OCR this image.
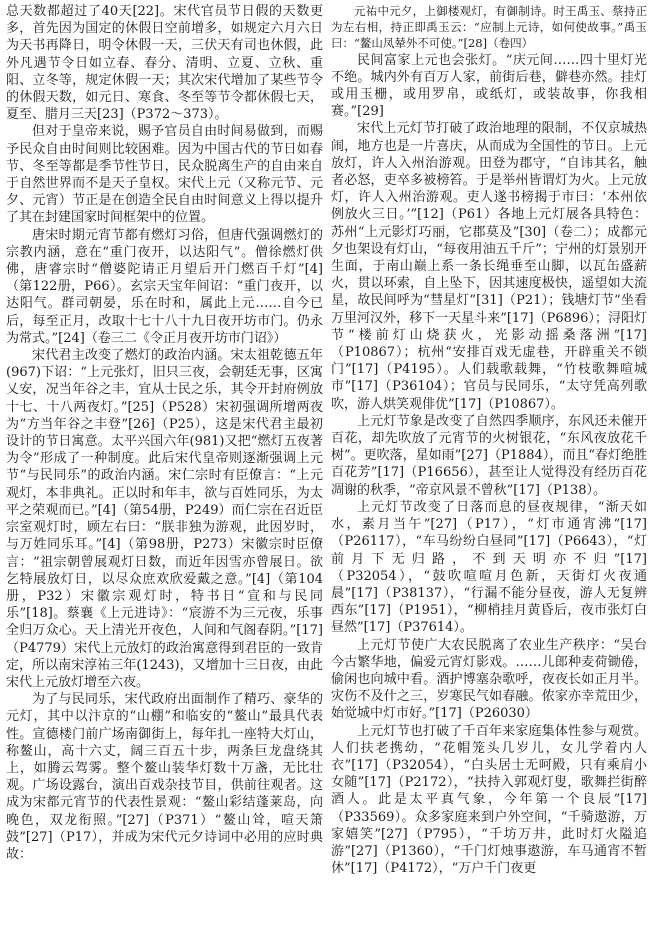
总天数都超过了40天[22]。宋代官员节日假的天数更多，首先因为国定的休假日空前增多，如规定六月六日为天书再降日，明令休假一天，三伏天有司也休假，此外凡遇节令日如立春、春分、清明、立夏、立秋、重阳、立冬等，规定休假一天；其次宋代增加了某些节令的休假天数，如元日、寒食、冬至等节令都休假七天，夏至、腊月三天[23]（P372～373）。

但对于皇帝来说，赐予官员自由时间易做到，而赐予民众自由时间则比较困难。因为中国古代的节日如春节、冬至等都是季节性节日，民众脱离生产的自由来自于自然世界而不是天子皇权。宋代上元（又称元节、元夕、元宵）节正是在创造全民自由时间意义上得以提升了其在封建国家时间框架中的位置。

唐宋时期元宵节都有燃灯习俗，但唐代强调燃灯的宗教内涵，意在“重门夜开，以达阳气”。僧徐燃灯供佛，唐睿宗时“僧婆陀请正月望后开门燃百千灯”[4]（第122册，P66）。玄宗天宝年间诏：“重门夜开，以达阳气。群司朝晏，乐在时和，属此上元……自今已后，每至正月，改取十七十八十九日夜开坊市门。仍永为常式。”[24]（卷三二《令正月夜开坊市门诏》）

宋代君主改变了燃灯的政治内涵。宋太祖乾德五年(967)下诏：“上元张灯，旧只三夜，会朝廷无事，区寓乂安，况当年谷之丰，宜从士民之乐，其令开封府例放十七、十八两夜灯。”[25]（P528）宋初强调所增两夜为“方当年谷之丰登”[26]（P25），这是宋代君主最初设计的节日寓意。太平兴国六年(981)又把“燃灯五夜著为令”形成了一种制度。此后宋代皇帝则逐渐强调上元节“与民同乐”的政治内涵。宋仁宗时有臣僚言：“上元观灯，本非典礼。正以时和年丰，欲与百姓同乐，为太平之荣观而已。”[4]（第54册，P249）而仁宗在召近臣宗室观灯时，顾左右曰：“朕非独为游观，此因岁时，与万姓同乐耳。”[4]（第98册，P273）宋徽宗时臣僚言：“祖宗朝曾展观灯日数，而近年因雪亦曾展日。欲乞特展放灯日，以尽众庶欢欣爱戴之意。”[4]（第104册，P32）宋徽宗观灯时，特书日“宣和与民同乐”[18]。蔡襄《上元进诗》：“宸游不为三元夜，乐事全归万众心。天上清光开夜色，人间和气阁春阴。”[17]（P4779）宋代上元放灯的政治寓意得到君臣的一致肯定，所以南宋淳祐三年(1243)，又增加十三日夜，由此宋代上元放灯增至六夜。

为了与民同乐，宋代政府出面制作了精巧、豪华的元灯，其中以汴京的“山棚”和临安的“鳌山”最具代表性。宣德楼门前广场南御街上，每年扎一座特大灯山，称鳌山，高十六丈，阔三百五十步，两条巨龙盘绕其上，如腾云驾雾。整个鳌山装华灯数十万盏，无比壮观。广场设露台，演出百戏杂技节目，供前往观者。这成为宋都元宵节的代表性景观：“鳌山彩结蓬莱岛，向晚色，双龙衔照。”[27]（P371）“鳌山耸，喧天箫鼓”[27]（P17），并成为宋代元夕诗词中必用的应时典故：

元祐中元夕，上御楼观灯，有御制诗。时王禹玉、蔡持正为左右相，持正即禹玉云：“应制上元诗，如何使故事。”禹玉曰：“鳌山凤辇外不可使。”[28]（卷四）

民间富家上元也会张灯。“庆元间……四十里灯光不绝。城内外有百万人家，前街后巷，僻巷亦然。挂灯或用玉栅，或用罗帛，或纸灯，或装故事，你我相赛。”[29]

宋代上元灯节打破了政治地理的限制，不仅京城热闹，地方也是一片喜庆，从而成为全国性的节日。上元放灯，许人入州治游观。田登为郡守，“自讳其名，触者必怒，吏卒多被榜笞。于是举州皆谓灯为火。上元放灯，许人入州治游观。吏人遂书榜揭于市曰：‘本州依例放火三日。’”[12]（P61）各地上元灯展各具特色：苏州“上元影灯巧丽，它郡莫及”[30]（卷二）；成都元夕也架设有灯山，“每夜用油五千斤”；宁州的灯景别开生面，于南山巅上系一条长绳垂至山脚，以瓦缶盛薪火，贯以环索，自上坠下，因其速度极快，遥望如大流星，故民间呼为“彗星灯”[31]（P21）；钱塘灯节“坐看万里河汉外，移下一天星斗来”[17]（P6896）；浔阳灯节“楼前灯山烧获火，光影动摇桑落洲”[17]（P10867）；杭州“安排百戏无虚巷，开辟重关不锁门”[17]（P4195）。人们载歌载舞，“竹枝歌舞喧城市”[17]（P36104）；官员与民同乐，“太守凭高列歌吹，游人烘笑观俳优”[17]（P10867）。

上元灯节象是改变了自然四季顺序，东风还未催开百花，却先吹放了元宵节的火树银花，“东风夜放花千树”。更吹落，星如雨”[27]（P1884），而且“春灯绝胜百花芳”[17]（P16656），甚至让人觉得没有经历百花凋谢的秋季，“帝京风景不曾秋”[17]（P138）。

上元灯节改变了日落而息的昼夜规律，“渐天如水，素月当午”[27]（P17），“灯市通宵沸”[17]（P26117），“车马纷纷白昼同”[17]（P6643），“灯前月下无归路，不到天明亦不归”[17]（P32054），“鼓吹喧喧月色新，天街灯火夜通晨”[17]（P38137），“行漏不能分昼夜，游人无复辨西东”[17]（P1951），“柳梢挂月黄昏后，夜市张灯白昼然”[17]（P37614）。

上元灯节使广大农民脱离了农业生产秩序：“吴台今古繁华地，偏爱元宵灯影戏。……儿郎种麦荷锄倦，偷闲也向城中看。酒护博塞杂歌呼，夜夜长如正月半。灾伤不及什之三，岁寒民气如春融。侬家亦幸荒田少，始觉城中灯市好。”[17]（P26030）

上元灯节也打破了千百年来家庭集体性参与观赏。人们扶老携幼，“花帽笼头几岁儿，女儿学着内人衣”[17]（P32054），“白头居士无呵殿，只有乘肩小女随”[17]（P2172），“扶持入郭观灯叟，歌舞拦街醉酒人。此是太平真气象，今年第一个良辰”[17]（P33569）。众多家庭来到户外空间，“千骑遨游，万家嬉笑”[27]（P795），“千坊万井，此时灯火隘追游”[27]（P1360），“千门灯烛事遨游，车马通宵不暂休”[17]（P4172），“万户千门夜更
